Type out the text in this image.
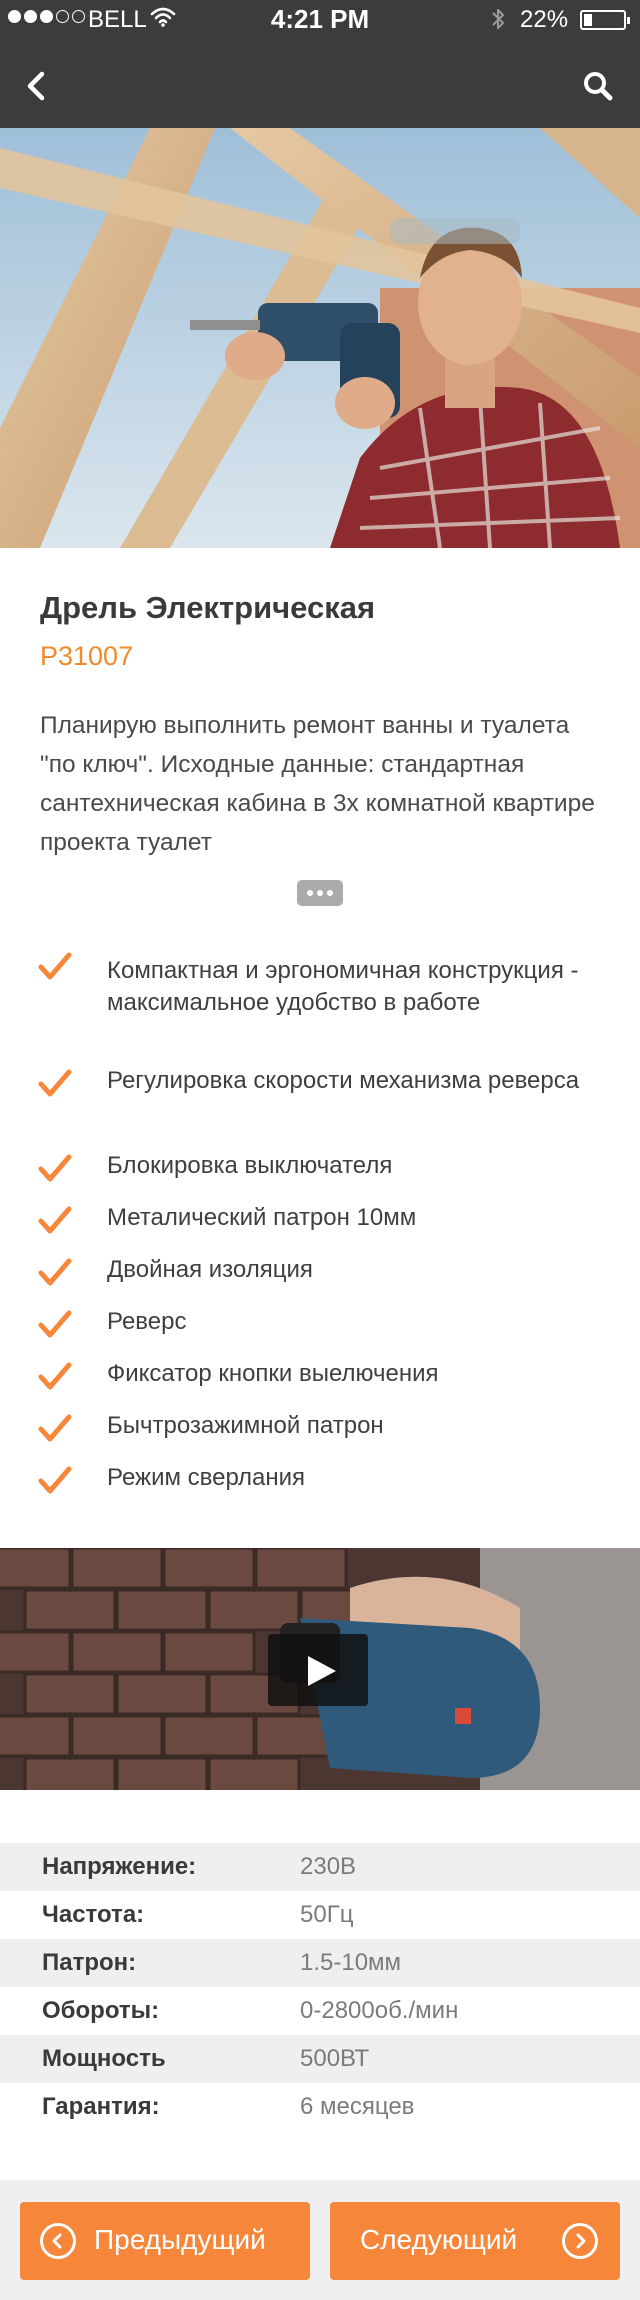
BELL	4:21 PM	22%
Дрель Электрическая
P31007
Планирую выполнить ремонт ванны и туалета "по ключ". Исходные данные: стандартная сантехническая кабина в 3х комнатной квартире проекта туалет
Компактная и эргономичная конструкция - максимальное удобство в работе
Регулировка скорости механизма реверса
Блокировка выключателя
Металический патрон 10мм
Двойная изоляция
Реверс
Фиксатор кнопки выелючения
Бычтрозажимной патрон
Режим сверлания
Напряжение:	230В
Частота:	50Гц
Патрон:	1.5-10мм
Обороты:	0-2800об./мин
Мощность	500ВТ
Гарантия:	6 месяцев
Предыдущий	Следующий
